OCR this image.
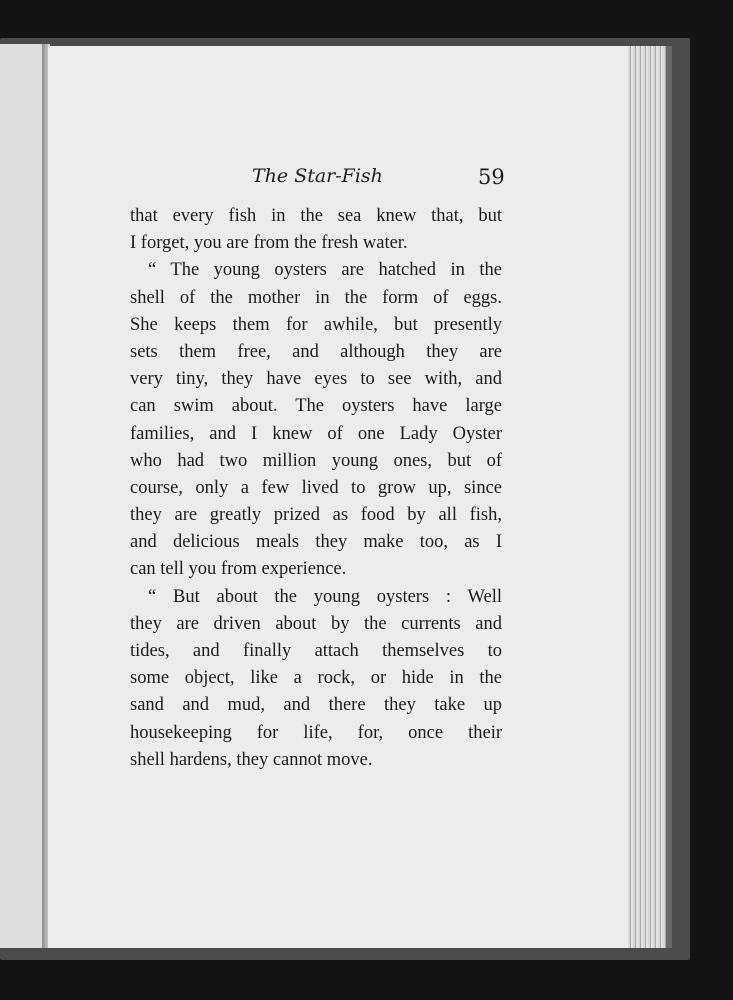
The Star-Fish	59
that every fish in the sea knew that, but
I forget, you are from the fresh water.
“ The young oysters are hatched in the
shell of the mother in the form of eggs.
She keeps them for awhile, but presently
sets them free, and although they are
very tiny, they have eyes to see with, and
can swim about. The oysters have large
families, and I knew of one Lady Oyster
who had two million young ones, but of
course, only a few lived to grow up, since
they are greatly prized as food by all fish,
and delicious meals they make too, as I
can tell you from experience.
“ But about the young oysters : Well
they are driven about by the currents and
tides, and finally attach themselves to
some object, like a rock, or hide in the
sand and mud, and there they take up
housekeeping for life, for, once their
shell hardens, they cannot move.
